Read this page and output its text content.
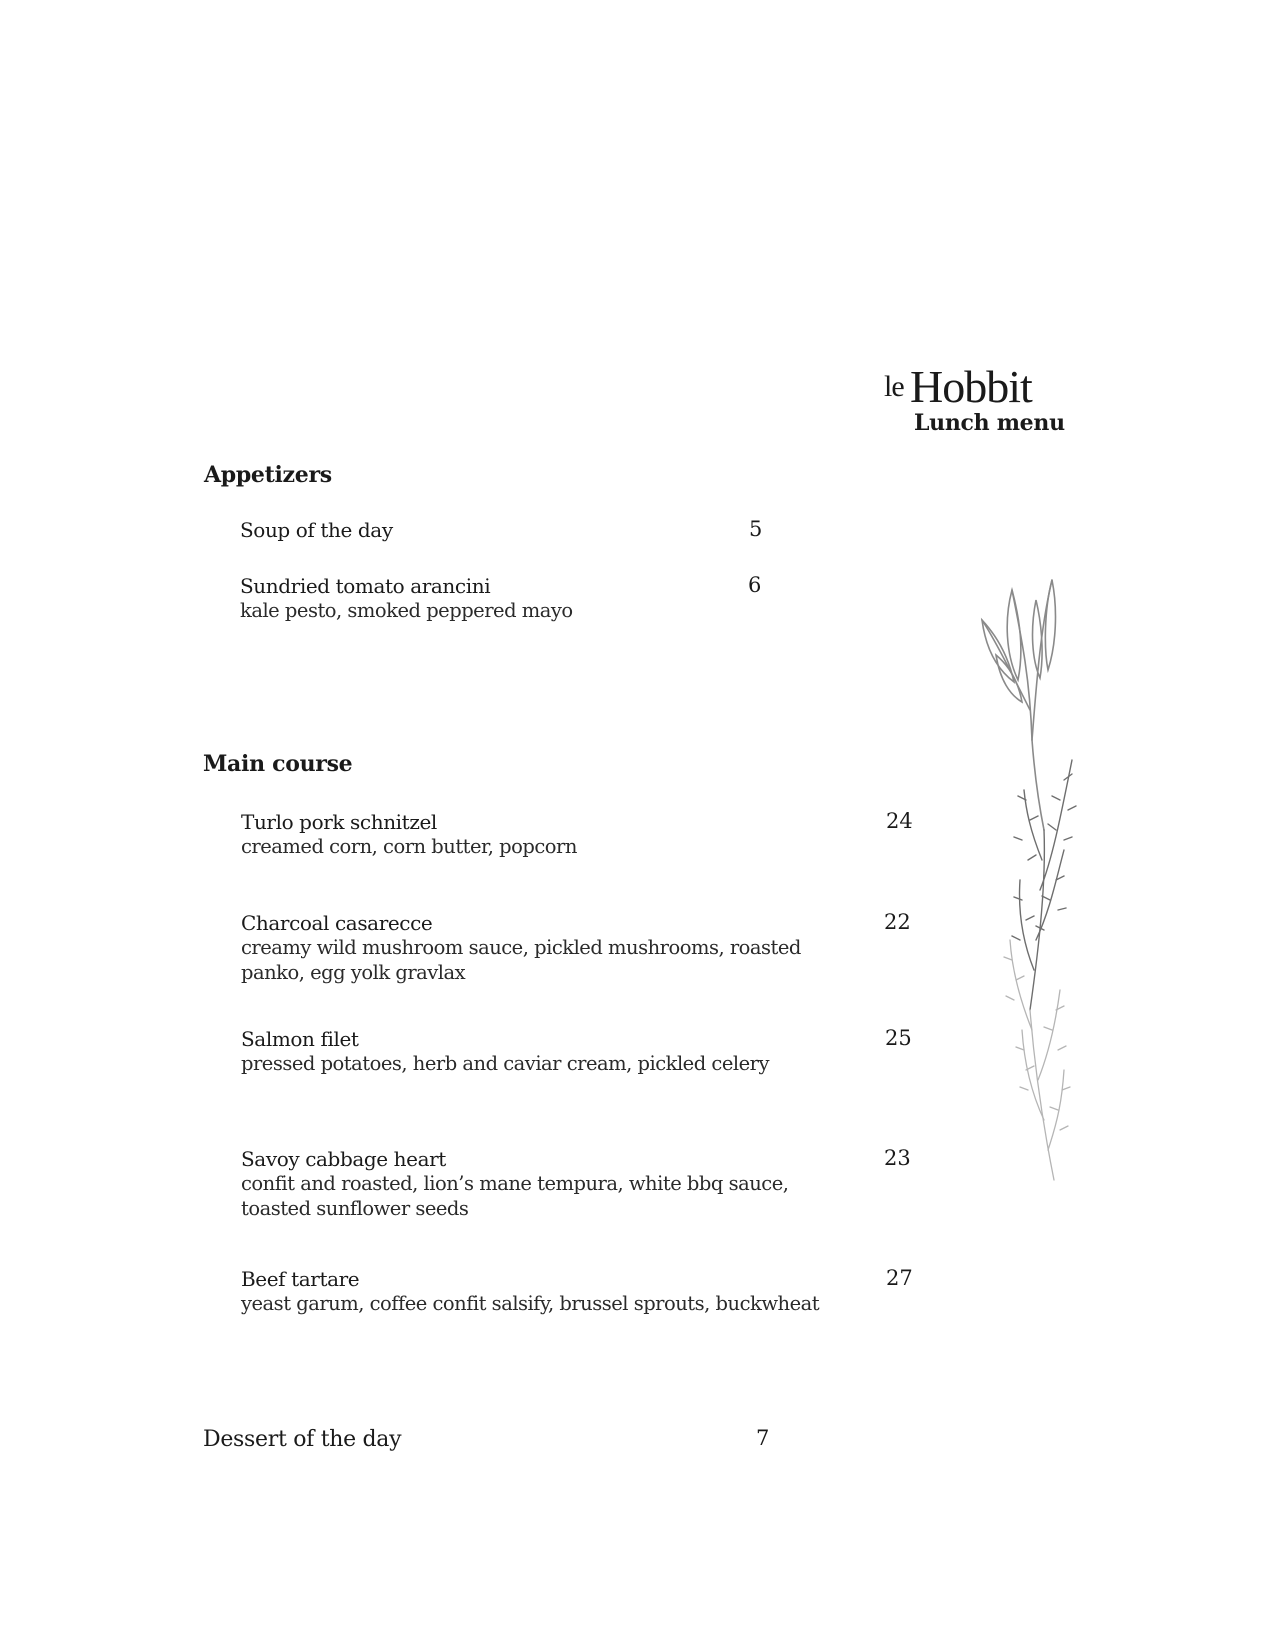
le Hobbit
Lunch menu
Appetizers
Soup of the day	5
Sundried tomato arancini
kale pesto, smoked peppered mayo
6
Main course
Turlo pork schnitzel
creamed corn, corn butter, popcorn
24
Charcoal casarecce
creamy wild mushroom sauce, pickled mushrooms, roasted
panko, egg yolk gravlax
22
Salmon filet
pressed potatoes, herb and caviar cream, pickled celery
25
Savoy cabbage heart
confit and roasted, lion’s mane tempura, white bbq sauce,
toasted sunflower seeds
23
Beef tartare
yeast garum, coffee confit salsify, brussel sprouts, buckwheat
27
Dessert of the day	7
